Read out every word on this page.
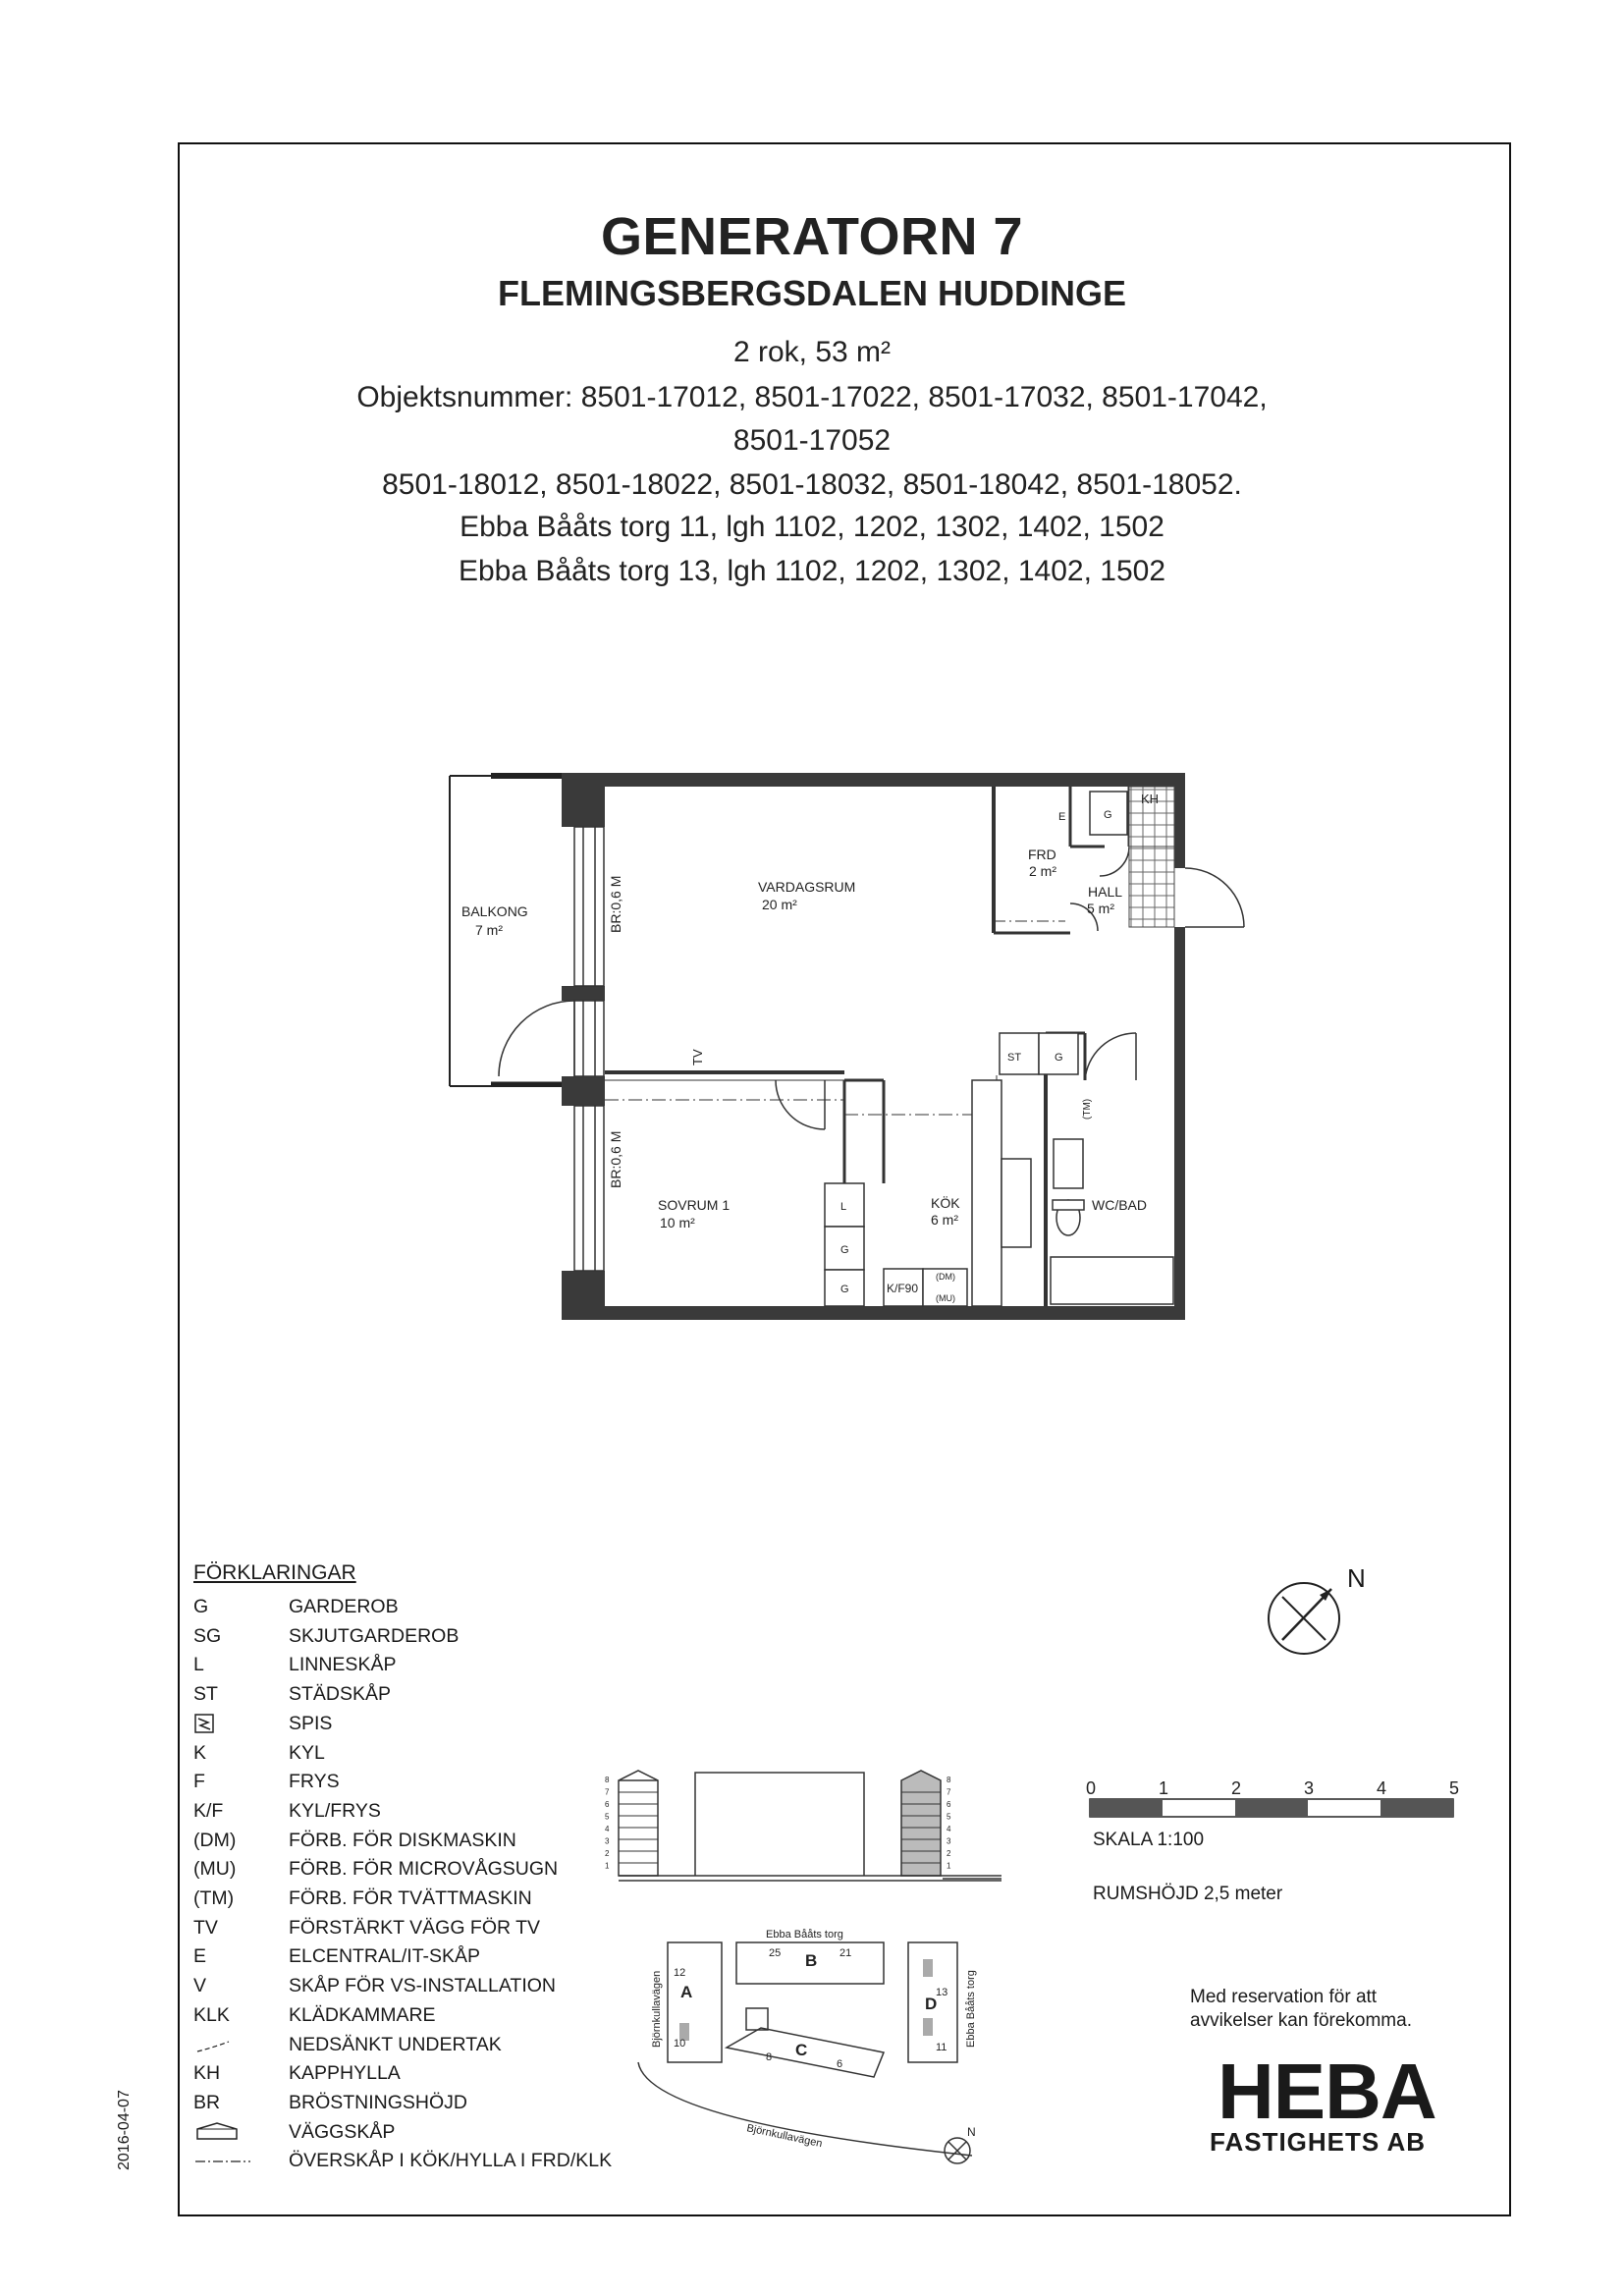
2016-04-07
GENERATORN 7
FLEMINGSBERGSDALEN HUDDINGE
2 rok, 53 m²
Objektsnummer: 8501-17012, 8501-17022, 8501-17032, 8501-17042,
8501-17052
8501-18012, 8501-18022, 8501-18032, 8501-18042, 8501-18052.
Ebba Bååts torg 11, lgh 1102, 1202, 1302, 1402, 1502
Ebba Bååts torg 13, lgh 1102, 1202, 1302, 1402, 1502
BALKONG
7 m²
VARDAGSRUM
20 m²
FRD
2 m²
HALL
5 m²
SOVRUM 1
10 m²
KÖK
6 m²
WC/BAD
KH
G
E
ST	G
L
G
G	K/F90
(DM)
(MU)
BR:0,6 M
BR:0,6 M
TV
(TM)
FÖRKLARINGAR
G	GARDEROB
SG	SKJUTGARDEROB
L	LINNESKÅP
ST	STÄDSKÅP
SPIS
K	KYL
F	FRYS
K/F	KYL/FRYS
(DM)	FÖRB. FÖR DISKMASKIN
(MU)	FÖRB. FÖR MICROVÅGSUGN
(TM)	FÖRB. FÖR TVÄTTMASKIN
TV	FÖRSTÄRKT VÄGG FÖR TV
E	ELCENTRAL/IT-SKÅP
V	SKÅP FÖR VS-INSTALLATION
KLK	KLÄDKAMMARE
NEDSÄNKT UNDERTAK
KH	KAPPHYLLA
BR	BRÖSTNINGSHÖJD
VÄGGSKÅP
ÖVERSKÅP I KÖK/HYLLA I FRD/KLK
8
7
6
5
4
3
2
1
8
7
6
5
4
3
2
1
Ebba Bååts torg
Björnkullavägen	Ebba Bååts torg
Björnkullavägen
A
B
C
D
12
10
25	21
13
11
8
6
N
N
0	1	2	3	4	5
SKALA 1:100
RUMSHÖJD 2,5 meter
Med reservation för att
avvikelser kan förekomma.
HEBA
FASTIGHETS AB
